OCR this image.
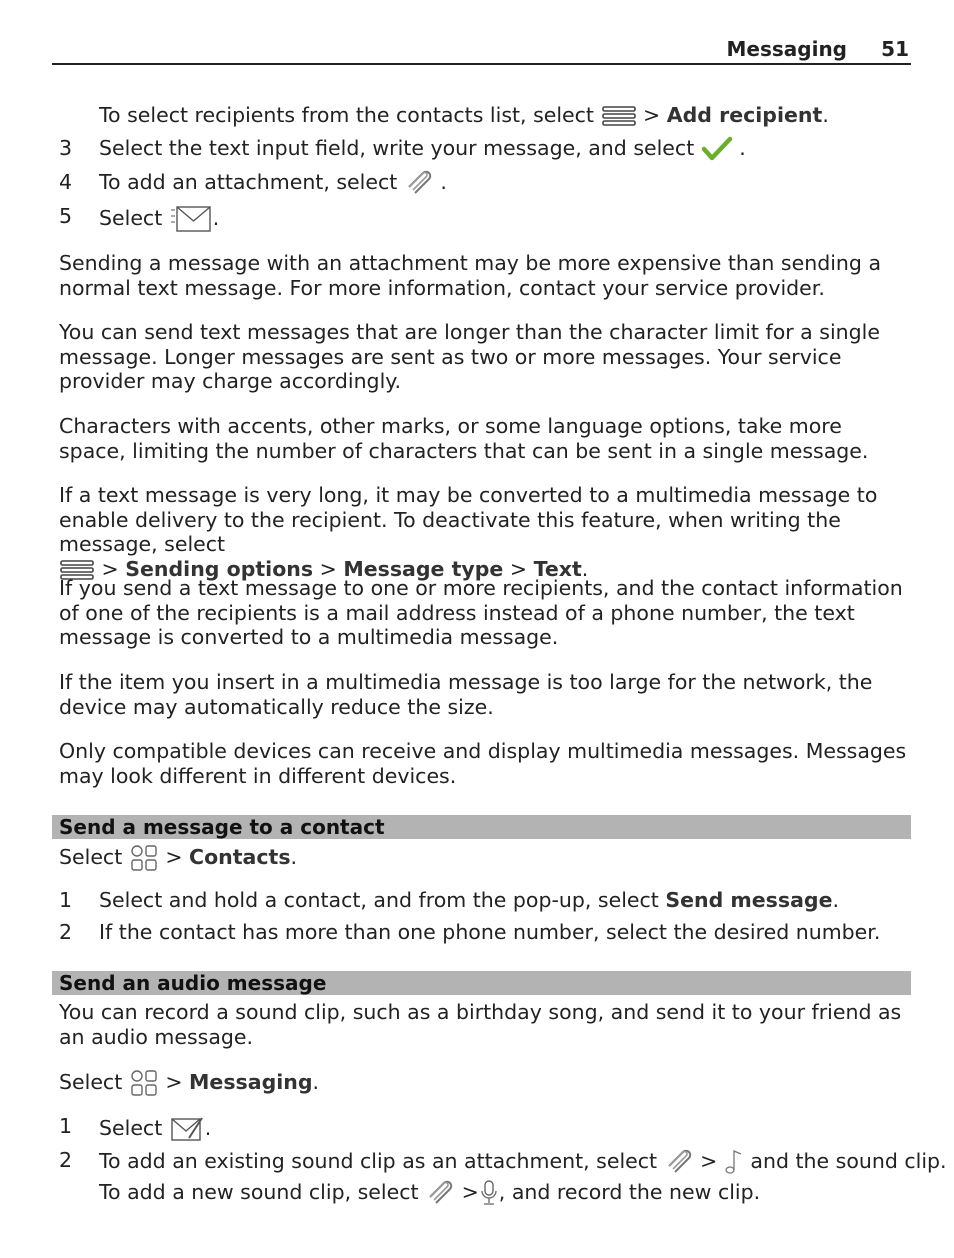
Messaging 51
To select recipients from the contacts list, select > Add recipient.
3 Select the text input field, write your message, and select .
4 To add an attachment, select .
5 Select .
Sending a message with an attachment may be more expensive than sending a normal text message. For more information, contact your service provider.
You can send text messages that are longer than the character limit for a single message. Longer messages are sent as two or more messages. Your service provider may charge accordingly.
Characters with accents, other marks, or some language options, take more space, limiting the number of characters that can be sent in a single message.
If a text message is very long, it may be converted to a multimedia message to enable delivery to the recipient. To deactivate this feature, when writing the message, select

> Sending options > Message type > Text.
If you send a text message to one or more recipients, and the contact information of one of the recipients is a mail address instead of a phone number, the text message is converted to a multimedia message.
If the item you insert in a multimedia message is too large for the network, the device may automatically reduce the size.
Only compatible devices can receive and display multimedia messages. Messages may look different in different devices.
Send a message to a contact
Select > Contacts.
1 Select and hold a contact, and from the pop-up, select Send message.
2 If the contact has more than one phone number, select the desired number.
Send an audio message
You can record a sound clip, such as a birthday song, and send it to your friend as an audio message.
Select > Messaging.
1 Select .
2 To add an existing sound clip as an attachment, select > and the sound clip.
To add a new sound clip, select > , and record the new clip.
